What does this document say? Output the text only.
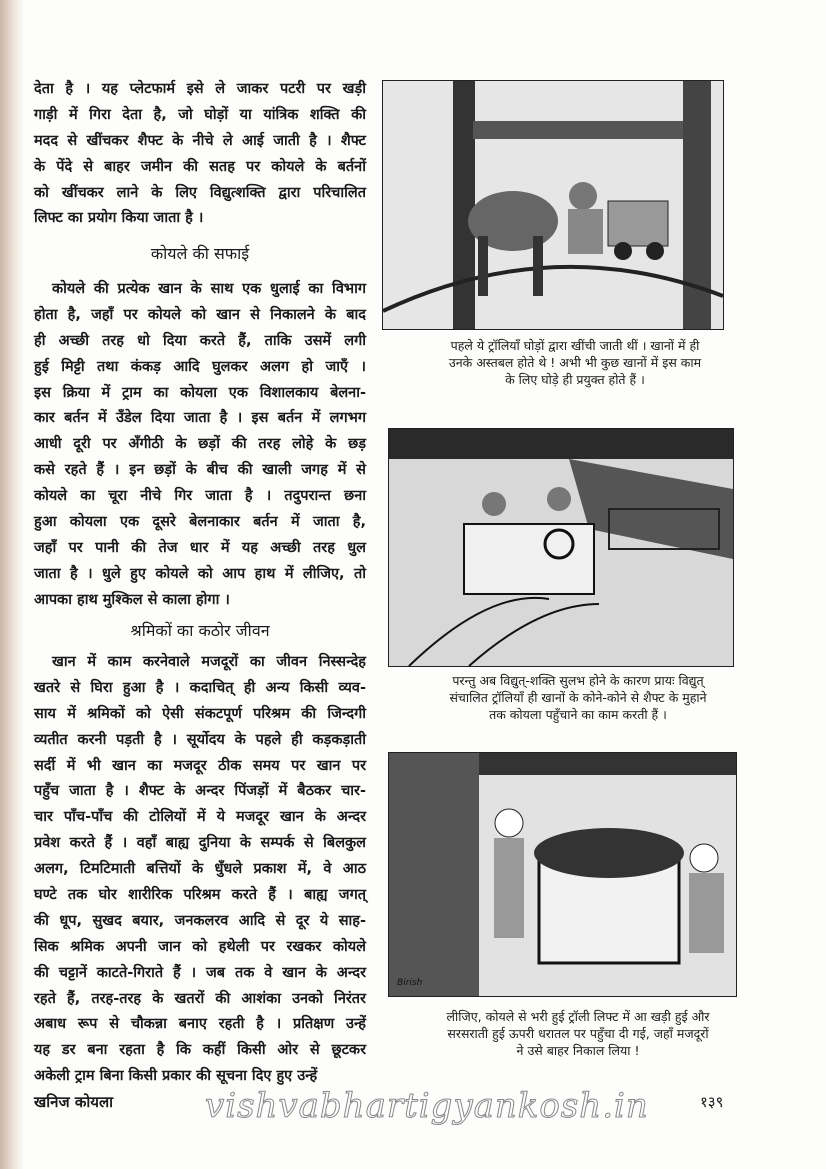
देता है । यह प्लेटफार्म इसे ले जाकर पटरी पर खड़ी
गाड़ी में गिरा देता है, जो घोड़ों या यांत्रिक शक्ति की
मदद से खींचकर शैफ्ट के नीचे ले आई जाती है । शैफ्ट
के पेंदे से बाहर जमीन की सतह पर कोयले के बर्तनों
को खींचकर लाने के लिए विद्युत्शक्ति द्वारा परिचालित
लिफ्ट का प्रयोग किया जाता है ।
कोयले की सफाई
कोयले की प्रत्येक खान के साथ एक धुलाई का विभाग
होता है, जहाँ पर कोयले को खान से निकालने के बाद
ही अच्छी तरह धो दिया करते हैं, ताकि उसमें लगी
हुई मिट्टी तथा कंकड़ आदि घुलकर अलग हो जाएँ ।
इस क्रिया में ट्राम का कोयला एक विशालकाय बेलना-
कार बर्तन में उँडेल दिया जाता है । इस बर्तन में लगभग
आधी दूरी पर अँगीठी के छड़ों की तरह लोहे के छड़
कसे रहते हैं । इन छड़ों के बीच की खाली जगह में से
कोयले का चूरा नीचे गिर जाता है । तदुपरान्त छना
हुआ कोयला एक दूसरे बेलनाकार बर्तन में जाता है,
जहाँ पर पानी की तेज धार में यह अच्छी तरह धुल
जाता है । धुले हुए कोयले को आप हाथ में लीजिए, तो
आपका हाथ मुश्किल से काला होगा ।
श्रमिकों का कठोर जीवन
खान में काम करनेवाले मजदूरों का जीवन निस्सन्देह
खतरे से घिरा हुआ है । कदाचित् ही अन्य किसी व्यव-
साय में श्रमिकों को ऐसी संकटपूर्ण परिश्रम की जिन्दगी
व्यतीत करनी पड़ती है । सूर्योदय के पहले ही कड़कड़ाती
सर्दी में भी खान का मजदूर ठीक समय पर खान पर
पहुँच जाता है । शैफ्ट के अन्दर पिंजड़ों में बैठकर चार-
चार पाँच-पाँच की टोलियों में ये मजदूर खान के अन्दर
प्रवेश करते हैं । वहाँ बाह्य दुनिया के सम्पर्क से बिलकुल
अलग, टिमटिमाती बत्तियों के धुँधले प्रकाश में, वे आठ
घण्टे तक घोर शारीरिक परिश्रम करते हैं । बाह्य जगत्
की धूप, सुखद बयार, जनकलरव आदि से दूर ये साह-
सिक श्रमिक अपनी जान को हथेली पर रखकर कोयले
की चट्टानें काटते-गिराते हैं । जब तक वे खान के अन्दर
रहते हैं, तरह-तरह के खतरों की आशंका उनको निरंतर
अबाध रूप से चौकन्ना बनाए रहती है । प्रतिक्षण उन्हें
यह डर बना रहता है कि कहीं किसी ओर से छूटकर
अकेली ट्राम बिना किसी प्रकार की सूचना दिए हुए उन्हें
पहले ये ट्रॉलियाँ घोड़ों द्वारा खींची जाती थीं । खानों में ही
उनके अस्तबल होते थे ! अभी भी कुछ खानों में इस काम
के लिए घोड़े ही प्रयुक्त होते हैं ।
परन्तु अब विद्युत्-शक्ति सुलभ होने के कारण प्रायः विद्युत्
संचालित ट्रॉलियाँ ही खानों के कोने-कोने से शैफ्ट के मुहाने
तक कोयला पहुँचाने का काम करती हैं ।
Birish
लीजिए, कोयले से भरी हुई ट्रॉली लिफ्ट में आ खड़ी हुई और
सरसराती हुई ऊपरी धरातल पर पहुँचा दी गई, जहाँ मजदूरों
ने उसे बाहर निकाल लिया !
खनिज कोयला	vishvabhartigyankosh.in	१३९
